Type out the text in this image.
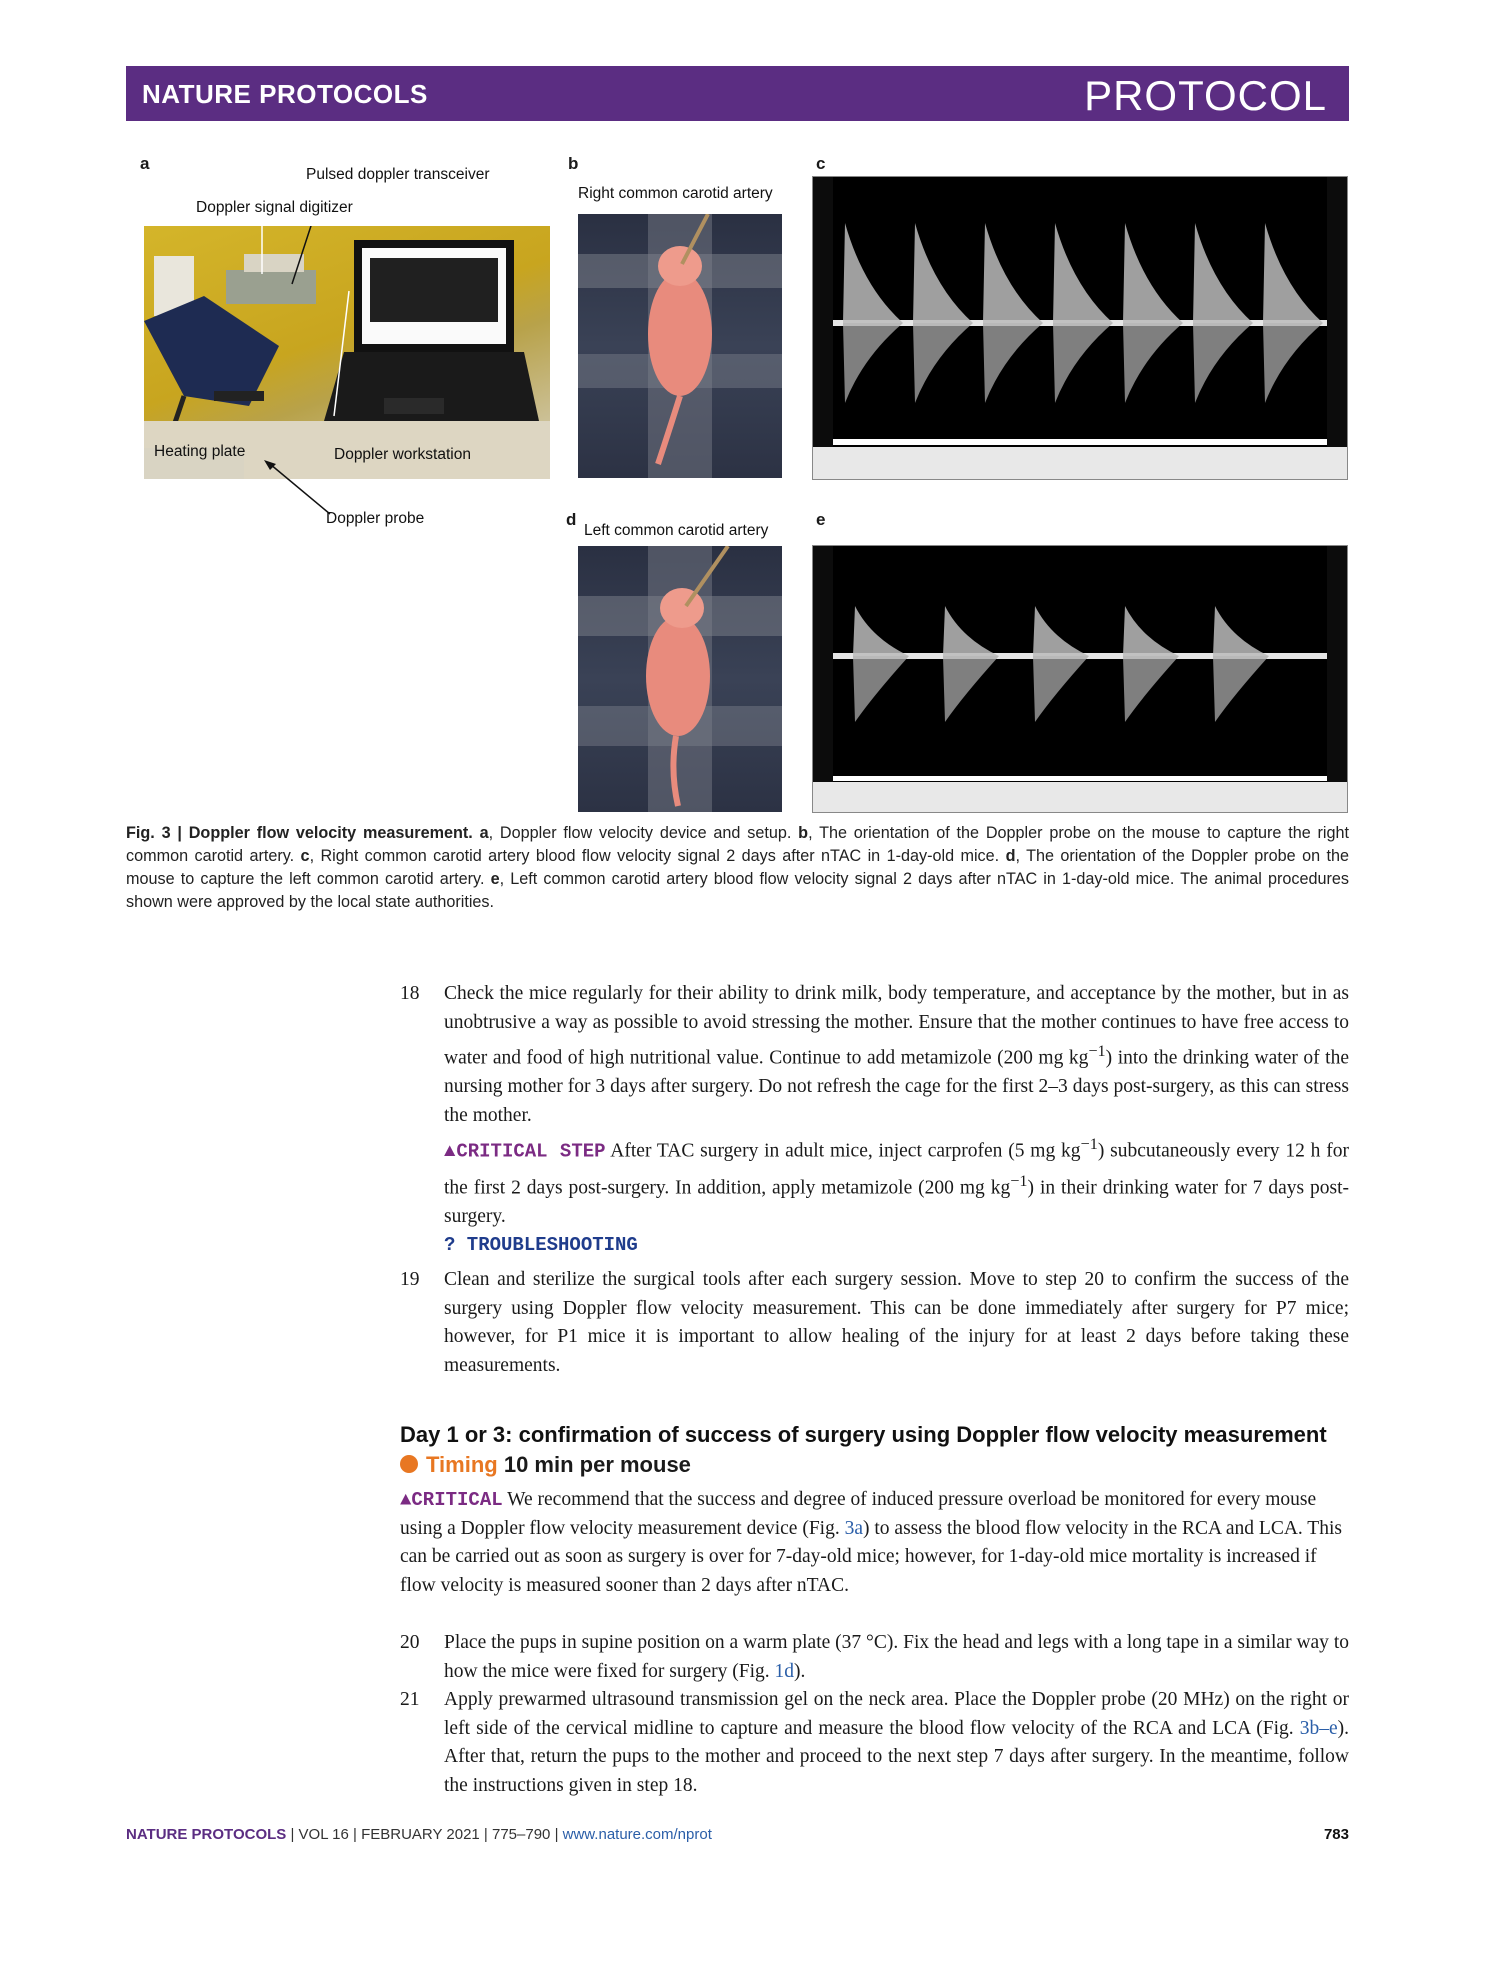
NATURE PROTOCOLS	PROTOCOL
a
Pulsed doppler transceiver
Doppler signal digitizer
Heating plate	Doppler workstation
Doppler probe
b
Right common carotid artery
c
d
Left common carotid artery
e
Fig. 3 | Doppler flow velocity measurement. a, Doppler flow velocity device and setup. b, The orientation of the Doppler probe on the mouse to capture the right common carotid artery. c, Right common carotid artery blood flow velocity signal 2 days after nTAC in 1-day-old mice. d, The orientation of the Doppler probe on the mouse to capture the left common carotid artery. e, Left common carotid artery blood flow velocity signal 2 days after nTAC in 1-day-old mice. The animal procedures shown were approved by the local state authorities.
18 Check the mice regularly for their ability to drink milk, body temperature, and acceptance by the mother, but in as unobtrusive a way as possible to avoid stressing the mother. Ensure that the mother continues to have free access to water and food of high nutritional value. Continue to add metamizole (200 mg $kg^{-1}$) into the drinking water of the nursing mother for 3 days after surgery. Do not refresh the cage for the first 2–3 days post-surgery, as this can stress the mother.
▲CRITICAL STEP After TAC surgery in adult mice, inject carprofen (5 mg $kg^{-1}$) subcutaneously every 12 h for the first 2 days post-surgery. In addition, apply metamizole (200 mg $kg^{-1}$) in their drinking water for 7 days post-surgery.
? TROUBLESHOOTING
19 Clean and sterilize the surgical tools after each surgery session. Move to step 20 to confirm the success of the surgery using Doppler flow velocity measurement. This can be done immediately after surgery for P7 mice; however, for P1 mice it is important to allow healing of the injury for at least 2 days before taking these measurements.
Day 1 or 3: confirmation of success of surgery using Doppler flow velocity measurement
Timing 10 min per mouse
▲CRITICAL We recommend that the success and degree of induced pressure overload be monitored for every mouse using a Doppler flow velocity measurement device (Fig. 3a) to assess the blood flow velocity in the RCA and LCA. This can be carried out as soon as surgery is over for 7-day-old mice; however, for 1-day-old mice mortality is increased if flow velocity is measured sooner than 2 days after nTAC.
20 Place the pups in supine position on a warm plate (37 °C). Fix the head and legs with a long tape in a similar way to how the mice were fixed for surgery (Fig. 1d).
21 Apply prewarmed ultrasound transmission gel on the neck area. Place the Doppler probe (20 MHz) on the right or left side of the cervical midline to capture and measure the blood flow velocity of the RCA and LCA (Fig. 3b–e). After that, return the pups to the mother and proceed to the next step 7 days after surgery. In the meantime, follow the instructions given in step 18.
NATURE PROTOCOLS | VOL 16 | FEBRUARY 2021 | 775–790 | www.nature.com/nprot	783
